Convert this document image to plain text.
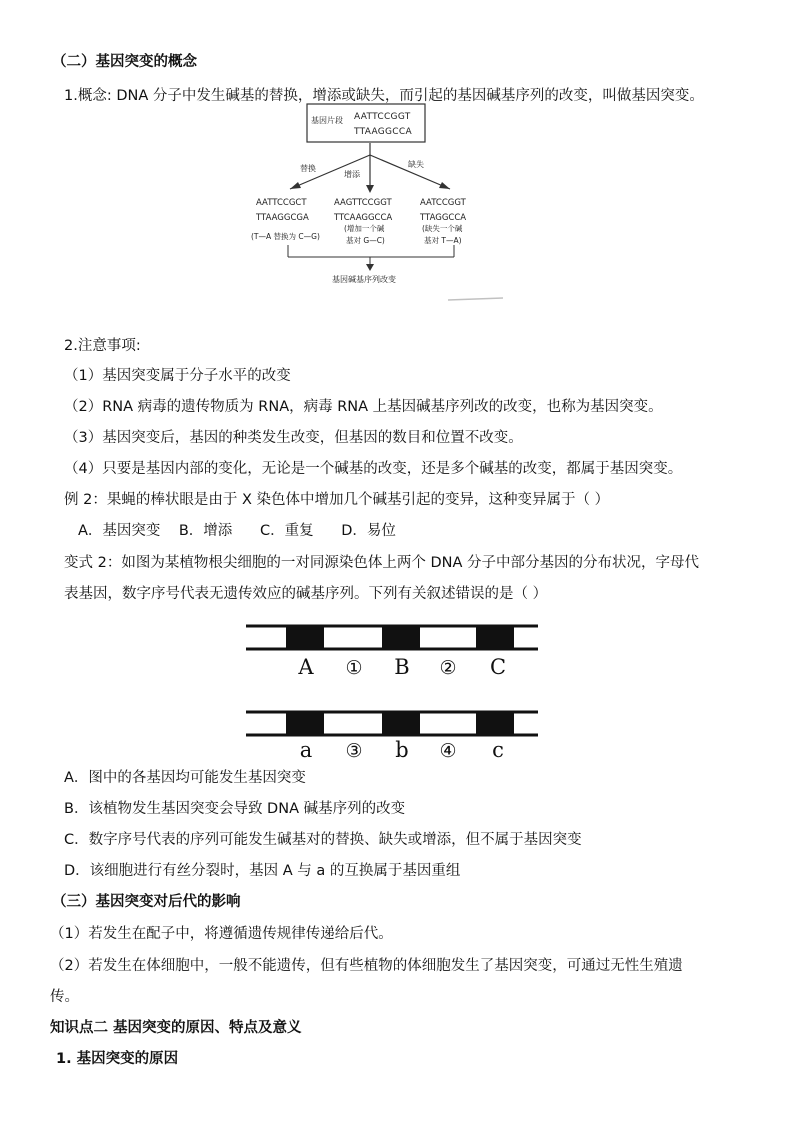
（二）基因突变的概念
1.概念: DNA 分子中发生碱基的替换，增添或缺失，而引起的基因碱基序列的改变，叫做基因突变。
基因片段 AATTCCGGT
TTAAGGCCA
替换
增添
缺失
AATTCCGCT
TTAAGGCGA
(T—A 替换为 C—G)
AAGTTCCGGT
TTCAAGGCCA
(增加一个碱
基对 G—C)
AATCCGGT
TTAGGCCA
(缺失一个碱
基对 T—A)
基因碱基序列改变
2.注意事项:
（1）基因突变属于分子水平的改变
（2）RNA 病毒的遗传物质为 RNA，病毒 RNA 上基因碱基序列改的改变，也称为基因突变。
（3）基因突变后，基因的种类发生改变，但基因的数目和位置不改变。
（4）只要是基因内部的变化，无论是一个碱基的改变，还是多个碱基的改变，都属于基因突变。
例 2：果蝇的棒状眼是由于 X 染色体中增加几个碱基引起的变异，这种变异属于（ ）
A．基因突变    B．增添      C．重复      D．易位
变式 2：如图为某植物根尖细胞的一对同源染色体上两个 DNA 分子中部分基因的分布状况，字母代
表基因，数字序号代表无遗传效应的碱基序列。下列有关叙述错误的是（ ）
A ① B ② C
a ③ b ④ c
A．图中的各基因均可能发生基因突变
B．该植物发生基因突变会导致 DNA 碱基序列的改变
C．数字序号代表的序列可能发生碱基对的替换、缺失或增添，但不属于基因突变
D．该细胞进行有丝分裂时，基因 A 与 a 的互换属于基因重组
（三）基因突变对后代的影响
（1）若发生在配子中，将遵循遗传规律传递给后代。
（2）若发生在体细胞中，一般不能遗传，但有些植物的体细胞发生了基因突变，可通过无性生殖遗
传。
知识点二 基因突变的原因、特点及意义
1. 基因突变的原因
